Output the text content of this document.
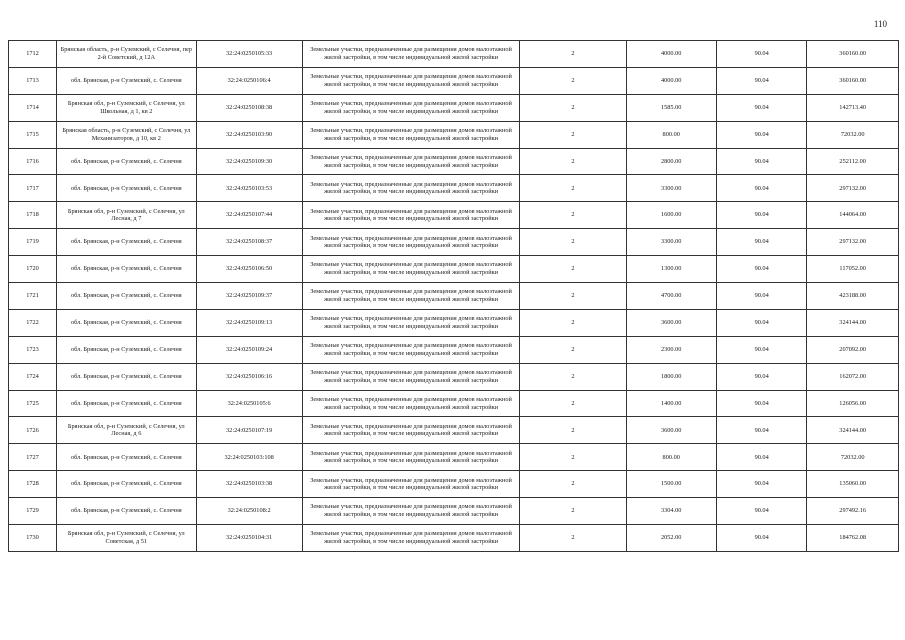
110
1712	Брянская область, р-н Суземский, с Селечня, пер 2-й Советский, д 12А	32:24:0250105:33	Земельные участки, предназначенные для размещения домов малоэтажной жилой застройки, в том числе индивидуальной жилой застройки	2	4000.00	90.04	360160.00
1713	обл. Брянская, р-н Суземский, с. Селечня	32:24:0250106:4	Земельные участки, предназначенные для размещения домов малоэтажной жилой застройки, в том числе индивидуальной жилой застройки	2	4000.00	90.04	360160.00
1714	Брянская обл, р-н Суземский, с Селечня, ул Школьная, д 1, кв 2	32:24:0250108:38	Земельные участки, предназначенные для размещения домов малоэтажной жилой застройки, в том числе индивидуальной жилой застройки	2	1585.00	90.04	142713.40
1715	Брянская область, р-н Суземский, с Селечня, ул Механизаторов, д 10, кв 2	32:24:0250103:90	Земельные участки, предназначенные для размещения домов малоэтажной жилой застройки, в том числе индивидуальной жилой застройки	2	800.00	90.04	72032.00
1716	обл. Брянская, р-н Суземский, с. Селечня	32:24:0250109:30	Земельные участки, предназначенные для размещения домов малоэтажной жилой застройки, в том числе индивидуальной жилой застройки	2	2800.00	90.04	252112.00
1717	обл. Брянская, р-н Суземский, с. Селечня	32:24:0250103:53	Земельные участки, предназначенные для размещения домов малоэтажной жилой застройки, в том числе индивидуальной жилой застройки	2	3300.00	90.04	297132.00
1718	Брянская обл, р-н Суземский, с Селечня, ул Лесная, д 7	32:24:0250107:44	Земельные участки, предназначенные для размещения домов малоэтажной жилой застройки, в том числе индивидуальной жилой застройки	2	1600.00	90.04	144064.00
1719	обл. Брянская, р-н Суземский, с. Селечня	32:24:0250108:37	Земельные участки, предназначенные для размещения домов малоэтажной жилой застройки, в том числе индивидуальной жилой застройки	2	3300.00	90.04	297132.00
1720	обл. Брянская, р-н Суземский, с. Селечня	32:24:0250106:50	Земельные участки, предназначенные для размещения домов малоэтажной жилой застройки, в том числе индивидуальной жилой застройки	2	1300.00	90.04	117052.00
1721	обл. Брянская, р-н Суземский, с. Селечня	32:24:0250109:37	Земельные участки, предназначенные для размещения домов малоэтажной жилой застройки, в том числе индивидуальной жилой застройки	2	4700.00	90.04	423188.00
1722	обл. Брянская, р-н Суземский, с. Селечня	32:24:0250109:13	Земельные участки, предназначенные для размещения домов малоэтажной жилой застройки, в том числе индивидуальной жилой застройки	2	3600.00	90.04	324144.00
1723	обл. Брянская, р-н Суземский, с. Селечня	32:24:0250109:24	Земельные участки, предназначенные для размещения домов малоэтажной жилой застройки, в том числе индивидуальной жилой застройки	2	2300.00	90.04	207092.00
1724	обл. Брянская, р-н Суземский, с. Селечня	32:24:0250106:16	Земельные участки, предназначенные для размещения домов малоэтажной жилой застройки, в том числе индивидуальной жилой застройки	2	1800.00	90.04	162072.00
1725	обл. Брянская, р-н Суземский, с. Селечня	32:24:0250105:6	Земельные участки, предназначенные для размещения домов малоэтажной жилой застройки, в том числе индивидуальной жилой застройки	2	1400.00	90.04	126056.00
1726	Брянская обл, р-н Суземский, с Селечня, ул Лесная, д 6	32:24:0250107:19	Земельные участки, предназначенные для размещения домов малоэтажной жилой застройки, в том числе индивидуальной жилой застройки	2	3600.00	90.04	324144.00
1727	обл. Брянская, р-н Суземский, с. Селечня	32:24:0250103:108	Земельные участки, предназначенные для размещения домов малоэтажной жилой застройки, в том числе индивидуальной жилой застройки	2	800.00	90.04	72032.00
1728	обл. Брянская, р-н Суземский, с. Селечня	32:24:0250103:38	Земельные участки, предназначенные для размещения домов малоэтажной жилой застройки, в том числе индивидуальной жилой застройки	2	1500.00	90.04	135060.00
1729	обл. Брянская, р-н Суземский, с. Селечня	32:24:0250108:2	Земельные участки, предназначенные для размещения домов малоэтажной жилой застройки, в том числе индивидуальной жилой застройки	2	3304.00	90.04	297492.16
1730	Брянская обл, р-н Суземский, с Селечня, ул Советская, д 51	32:24:0250104:31	Земельные участки, предназначенные для размещения домов малоэтажной жилой застройки, в том числе индивидуальной жилой застройки	2	2052.00	90.04	184762.08
